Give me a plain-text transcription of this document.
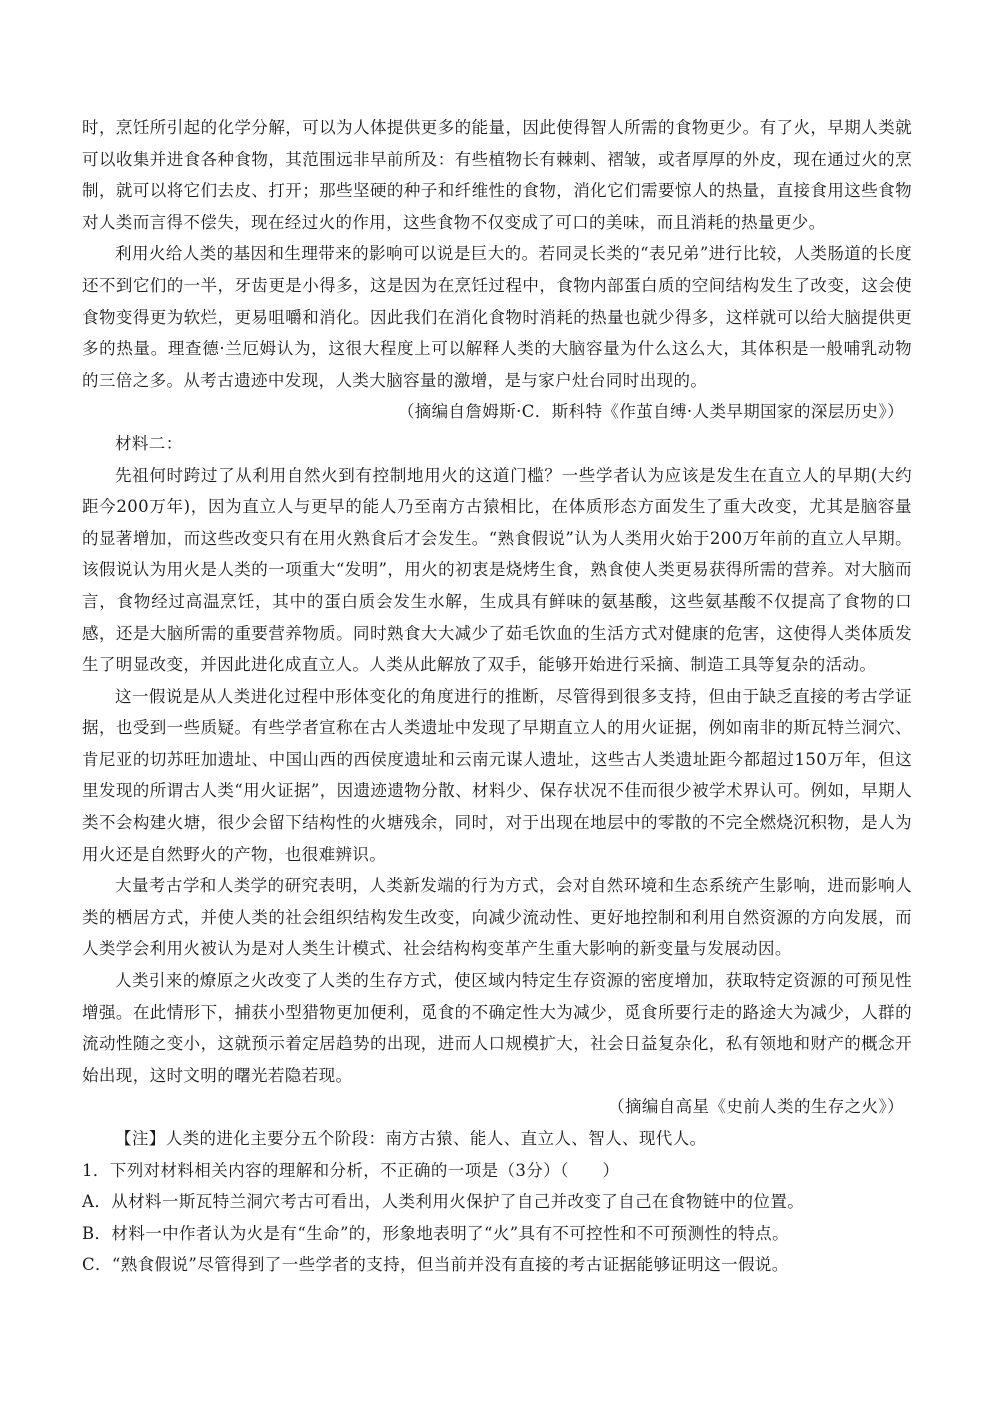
时，烹饪所引起的化学分解，可以为人体提供更多的能量，因此使得智人所需的食物更少。有了火，早期人类就可以收集并进食各种食物，其范围远非早前所及：有些植物长有棘刺、褶皱，或者厚厚的外皮，现在通过火的烹制，就可以将它们去皮、打开；那些坚硬的种子和纤维性的食物，消化它们需要惊人的热量，直接食用这些食物对人类而言得不偿失，现在经过火的作用，这些食物不仅变成了可口的美味，而且消耗的热量更少。

利用火给人类的基因和生理带来的影响可以说是巨大的。若同灵长类的“表兄弟”进行比较，人类肠道的长度还不到它们的一半，牙齿更是小得多，这是因为在烹饪过程中，食物内部蛋白质的空间结构发生了改变，这会使食物变得更为软烂，更易咀嚼和消化。因此我们在消化食物时消耗的热量也就少得多，这样就可以给大脑提供更多的热量。理查德·兰厄姆认为，这很大程度上可以解释人类的大脑容量为什么这么大，其体积是一般哺乳动物的三倍之多。从考古遗迹中发现，人类大脑容量的激增，是与家户灶台同时出现的。

（摘编自詹姆斯·C．斯科特《作茧自缚·人类早期国家的深层历史》）

材料二：

先祖何时跨过了从利用自然火到有控制地用火的这道门槛？一些学者认为应该是发生在直立人的早期(大约距今200万年)，因为直立人与更早的能人乃至南方古猿相比，在体质形态方面发生了重大改变，尤其是脑容量的显著增加，而这些改变只有在用火熟食后才会发生。“熟食假说”认为人类用火始于200万年前的直立人早期。该假说认为用火是人类的一项重大“发明”，用火的初衷是烧烤生食，熟食使人类更易获得所需的营养。对大脑而言，食物经过高温烹饪，其中的蛋白质会发生水解，生成具有鲜味的氨基酸，这些氨基酸不仅提高了食物的口感，还是大脑所需的重要营养物质。同时熟食大大减少了茹毛饮血的生活方式对健康的危害，这使得人类体质发生了明显改变，并因此进化成直立人。人类从此解放了双手，能够开始进行采摘、制造工具等复杂的活动。

这一假说是从人类进化过程中形体变化的角度进行的推断，尽管得到很多支持，但由于缺乏直接的考古学证据，也受到一些质疑。有些学者宣称在古人类遗址中发现了早期直立人的用火证据，例如南非的斯瓦特兰洞穴、肯尼亚的切苏旺加遗址、中国山西的西侯度遗址和云南元谋人遗址，这些古人类遗址距今都超过150万年，但这里发现的所谓古人类“用火证据”，因遗迹遗物分散、材料少、保存状况不佳而很少被学术界认可。例如，早期人类不会构建火塘，很少会留下结构性的火塘残余，同时，对于出现在地层中的零散的不完全燃烧沉积物，是人为用火还是自然野火的产物，也很难辨识。

大量考古学和人类学的研究表明，人类新发端的行为方式，会对自然环境和生态系统产生影响，进而影响人类的栖居方式，并使人类的社会组织结构发生改变，向减少流动性、更好地控制和利用自然资源的方向发展，而人类学会利用火被认为是对人类生计模式、社会结构构变革产生重大影响的新变量与发展动因。

人类引来的燎原之火改变了人类的生存方式，使区域内特定生存资源的密度增加，获取特定资源的可预见性增强。在此情形下，捕获小型猎物更加便利，觅食的不确定性大为减少，觅食所要行走的路途大为减少，人群的流动性随之变小，这就预示着定居趋势的出现，进而人口规模扩大，社会日益复杂化，私有领地和财产的概念开始出现，这时文明的曙光若隐若现。

（摘编自高星《史前人类的生存之火》）

【注】人类的进化主要分五个阶段：南方古猿、能人、直立人、智人、现代人。

1．下列对材料相关内容的理解和分析，不正确的一项是（3分）（　　）

A．从材料一斯瓦特兰洞穴考古可看出，人类利用火保护了自己并改变了自己在食物链中的位置。

B．材料一中作者认为火是有“生命”的，形象地表明了“火”具有不可控性和不可预测性的特点。

C．“熟食假说”尽管得到了一些学者的支持，但当前并没有直接的考古证据能够证明这一假说。
